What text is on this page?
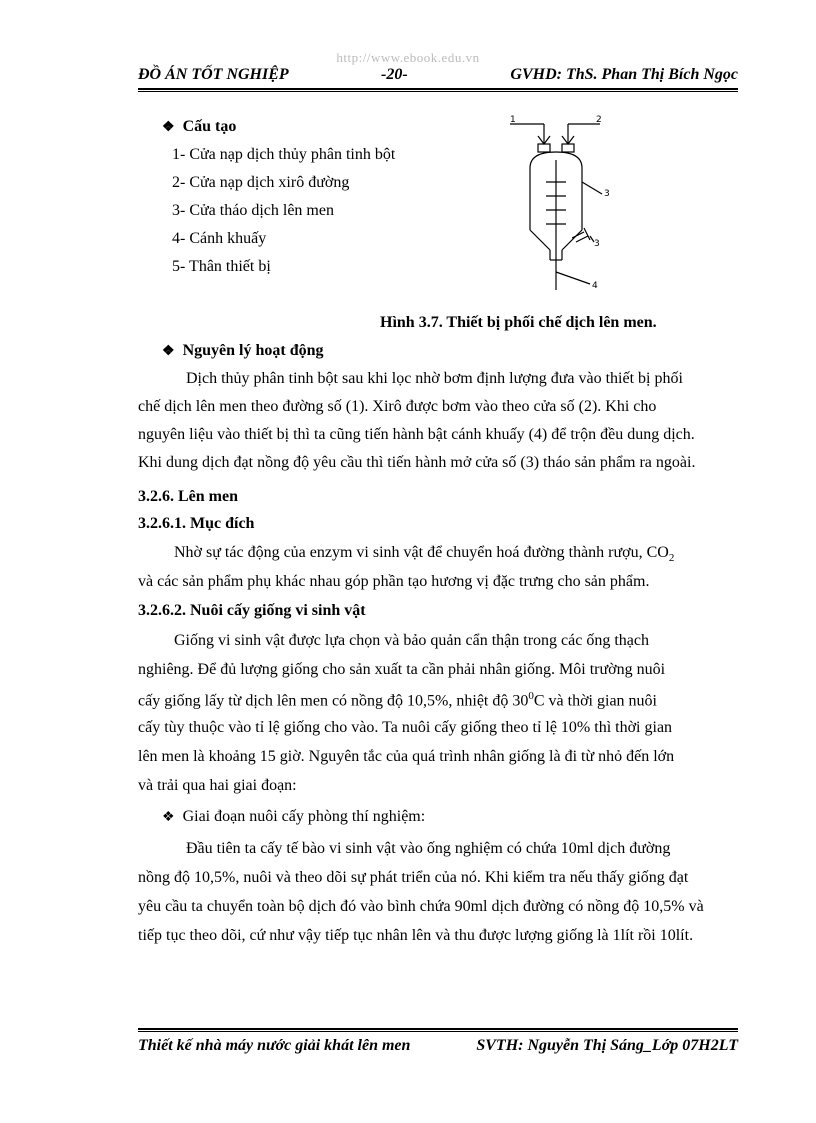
http://www.ebook.edu.vn
ĐỒ ÁN TỐT NGHIỆP	-20-	GVHD: ThS. Phan Thị Bích Ngọc
1	2
3
3
4
❖ Cấu tạo
1- Cửa nạp dịch thủy phân tinh bột
2- Cửa nạp dịch xirô đường
3- Cửa tháo dịch lên men
4- Cánh khuấy
5- Thân thiết bị
Hình 3.7. Thiết bị phối chế dịch lên men.
❖ Nguyên lý hoạt động
Dịch thủy phân tinh bột sau khi lọc nhờ bơm định lượng đưa vào thiết bị phối
chế dịch lên men theo đường số (1). Xirô được bơm vào theo cửa số (2). Khi cho
nguyên liệu vào thiết bị thì ta cũng tiến hành bật cánh khuấy (4) để trộn đều dung dịch.
Khi dung dịch đạt nồng độ yêu cầu thì tiến hành mở cửa số (3) tháo sản phẩm ra ngoài.
3.2.6. Lên men
3.2.6.1. Mục đích
Nhờ sự tác động của enzym vi sinh vật để chuyển hoá đường thành rượu, $CO_2$
và các sản phẩm phụ khác nhau góp phần tạo hương vị đặc trưng cho sản phẩm.
3.2.6.2. Nuôi cấy giống vi sinh vật
Giống vi sinh vật được lựa chọn và bảo quản cẩn thận trong các ống thạch
nghiêng. Để đủ lượng giống cho sản xuất ta cần phải nhân giống. Môi trường nuôi
cấy giống lấy từ dịch lên men có nồng độ 10,5%, nhiệt độ $30^0C$ và thời gian nuôi
cấy tùy thuộc vào tỉ lệ giống cho vào. Ta nuôi cấy giống theo tỉ lệ 10% thì thời gian
lên men là khoảng 15 giờ. Nguyên tắc của quá trình nhân giống là đi từ nhỏ đến lớn
và trải qua hai giai đoạn:
❖ Giai đoạn nuôi cấy phòng thí nghiệm:
Đầu tiên ta cấy tế bào vi sinh vật vào ống nghiệm có chứa 10ml dịch đường
nồng độ 10,5%, nuôi và theo dõi sự phát triển của nó. Khi kiểm tra nếu thấy giống đạt
yêu cầu ta chuyển toàn bộ dịch đó vào bình chứa 90ml dịch đường có nồng độ 10,5% và
tiếp tục theo dõi, cứ như vậy tiếp tục nhân lên và thu được lượng giống là 1lít rồi 10lít.
Thiết kế nhà máy nước giải khát lên men	SVTH: Nguyễn Thị Sáng_Lớp 07H2LT
